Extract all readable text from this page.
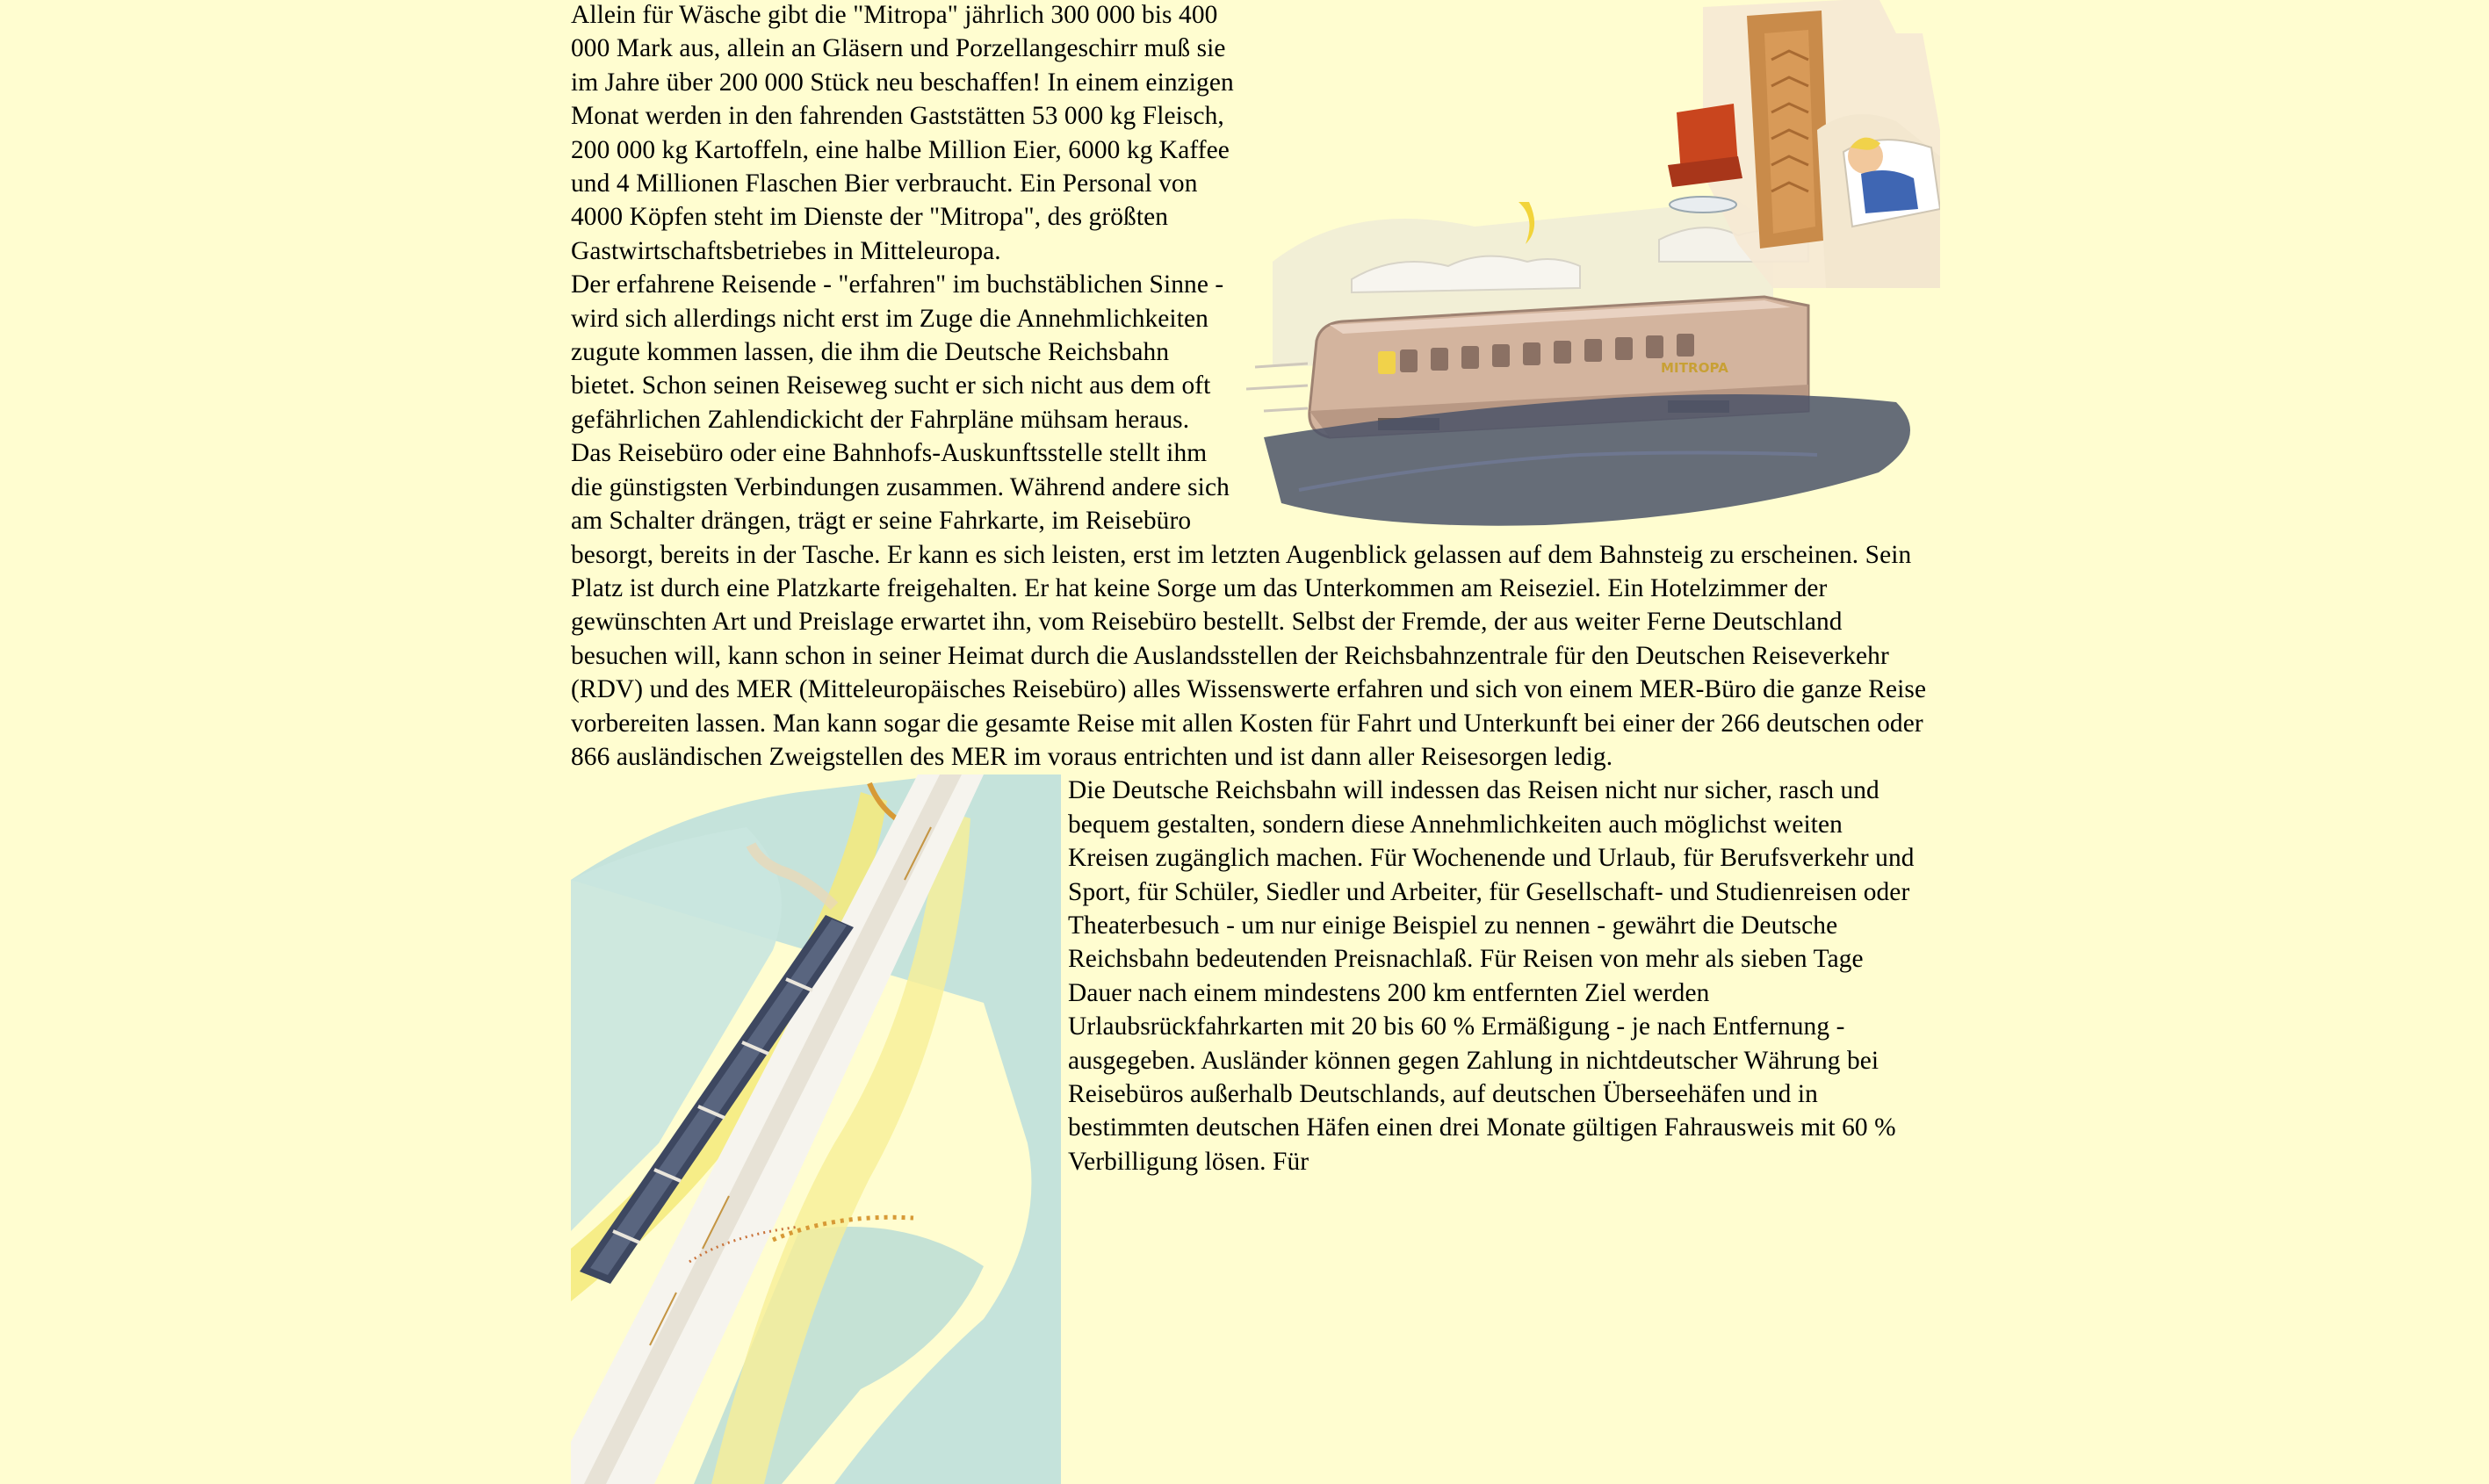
MITROPA

Allein für Wäsche gibt die "Mitropa" jährlich 300 000 bis 400 000 Mark aus, allein an Gläsern und Porzellangeschirr muß sie im Jahre über 200 000 Stück neu beschaffen! In einem einzigen Monat werden in den fahrenden Gaststätten 53 000 kg Fleisch, 200 000 kg Kartoffeln, eine halbe Million Eier, 6000 kg Kaffee und 4 Millionen Flaschen Bier verbraucht. Ein Personal von 4000 Köpfen steht im Dienste der "Mitropa", des größten Gastwirtschaftsbetriebes in Mitteleuropa.

Der erfahrene Reisende - "erfahren" im buchstäblichen Sinne - wird sich allerdings nicht erst im Zuge die Annehmlichkeiten zugute kommen lassen, die ihm die Deutsche Reichsbahn bietet. Schon seinen Reiseweg sucht er sich nicht aus dem oft gefährlichen Zahlendickicht der Fahrpläne mühsam heraus. Das Reisebüro oder eine Bahnhofs-Auskunftsstelle stellt ihm die günstigsten Verbindungen zusammen. Während andere sich am Schalter drängen, trägt er seine Fahrkarte, im Reisebüro besorgt, bereits in der Tasche. Er kann es sich leisten, erst im letzten Augenblick gelassen auf dem Bahnsteig zu erscheinen. Sein Platz ist durch eine Platzkarte freigehalten. Er hat keine Sorge um das Unterkommen am Reiseziel. Ein Hotelzimmer der gewünschten Art und Preislage erwartet ihn, vom Reisebüro bestellt. Selbst der Fremde, der aus weiter Ferne Deutschland besuchen will, kann schon in seiner Heimat durch die Auslandsstellen der Reichsbahnzentrale für den Deutschen Reiseverkehr (RDV) und des MER (Mitteleuropäisches Reisebüro) alles Wissenswerte erfahren und sich von einem MER-Büro die ganze Reise vorbereiten lassen. Man kann sogar die gesamte Reise mit allen Kosten für Fahrt und Unterkunft bei einer der 266 deutschen oder 866 ausländischen Zweigstellen des MER im voraus entrichten und ist dann aller Reisesorgen ledig.

Die Deutsche Reichsbahn will indessen das Reisen nicht nur sicher, rasch und bequem gestalten, sondern diese Annehmlichkeiten auch möglichst weiten Kreisen zugänglich machen. Für Wochenende und Urlaub, für Berufsverkehr und Sport, für Schüler, Siedler und Arbeiter, für Gesellschaft- und Studienreisen oder Theaterbesuch - um nur einige Beispiel zu nennen - gewährt die Deutsche Reichsbahn bedeutenden Preisnachlaß. Für Reisen von mehr als sieben Tage Dauer nach einem mindestens 200 km entfernten Ziel werden Urlaubsrückfahrkarten mit 20 bis 60 % Ermäßigung - je nach Entfernung - ausgegeben. Ausländer können gegen Zahlung in nichtdeutscher Währung bei Reisebüros außerhalb Deutschlands, auf deutschen Überseehäfen und in bestimmten deutschen Häfen einen drei Monate gültigen Fahrausweis mit 60 % Verbilligung lösen. Für
